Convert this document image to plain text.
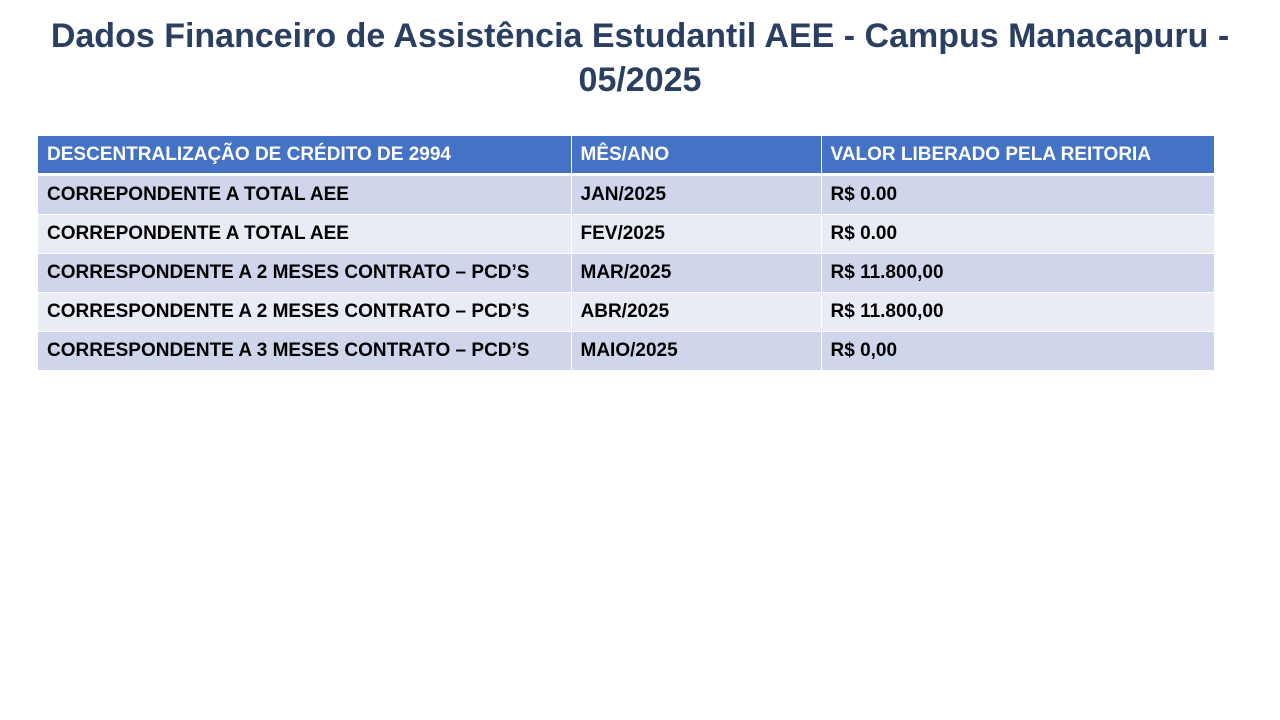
Dados Financeiro de Assistência Estudantil AEE - Campus Manacapuru - 05/2025
DESCENTRALIZAÇÃO DE CRÉDITO DE 2994	MÊS/ANO	VALOR LIBERADO PELA REITORIA
CORREPONDENTE A TOTAL AEE	JAN/2025	R$ 0.00
CORREPONDENTE A TOTAL AEE	FEV/2025	R$ 0.00
CORRESPONDENTE A 2 MESES CONTRATO – PCD’S	MAR/2025	R$ 11.800,00
CORRESPONDENTE A 2 MESES CONTRATO – PCD’S	ABR/2025	R$ 11.800,00
CORRESPONDENTE A 3 MESES CONTRATO – PCD’S	MAIO/2025	R$ 0,00
